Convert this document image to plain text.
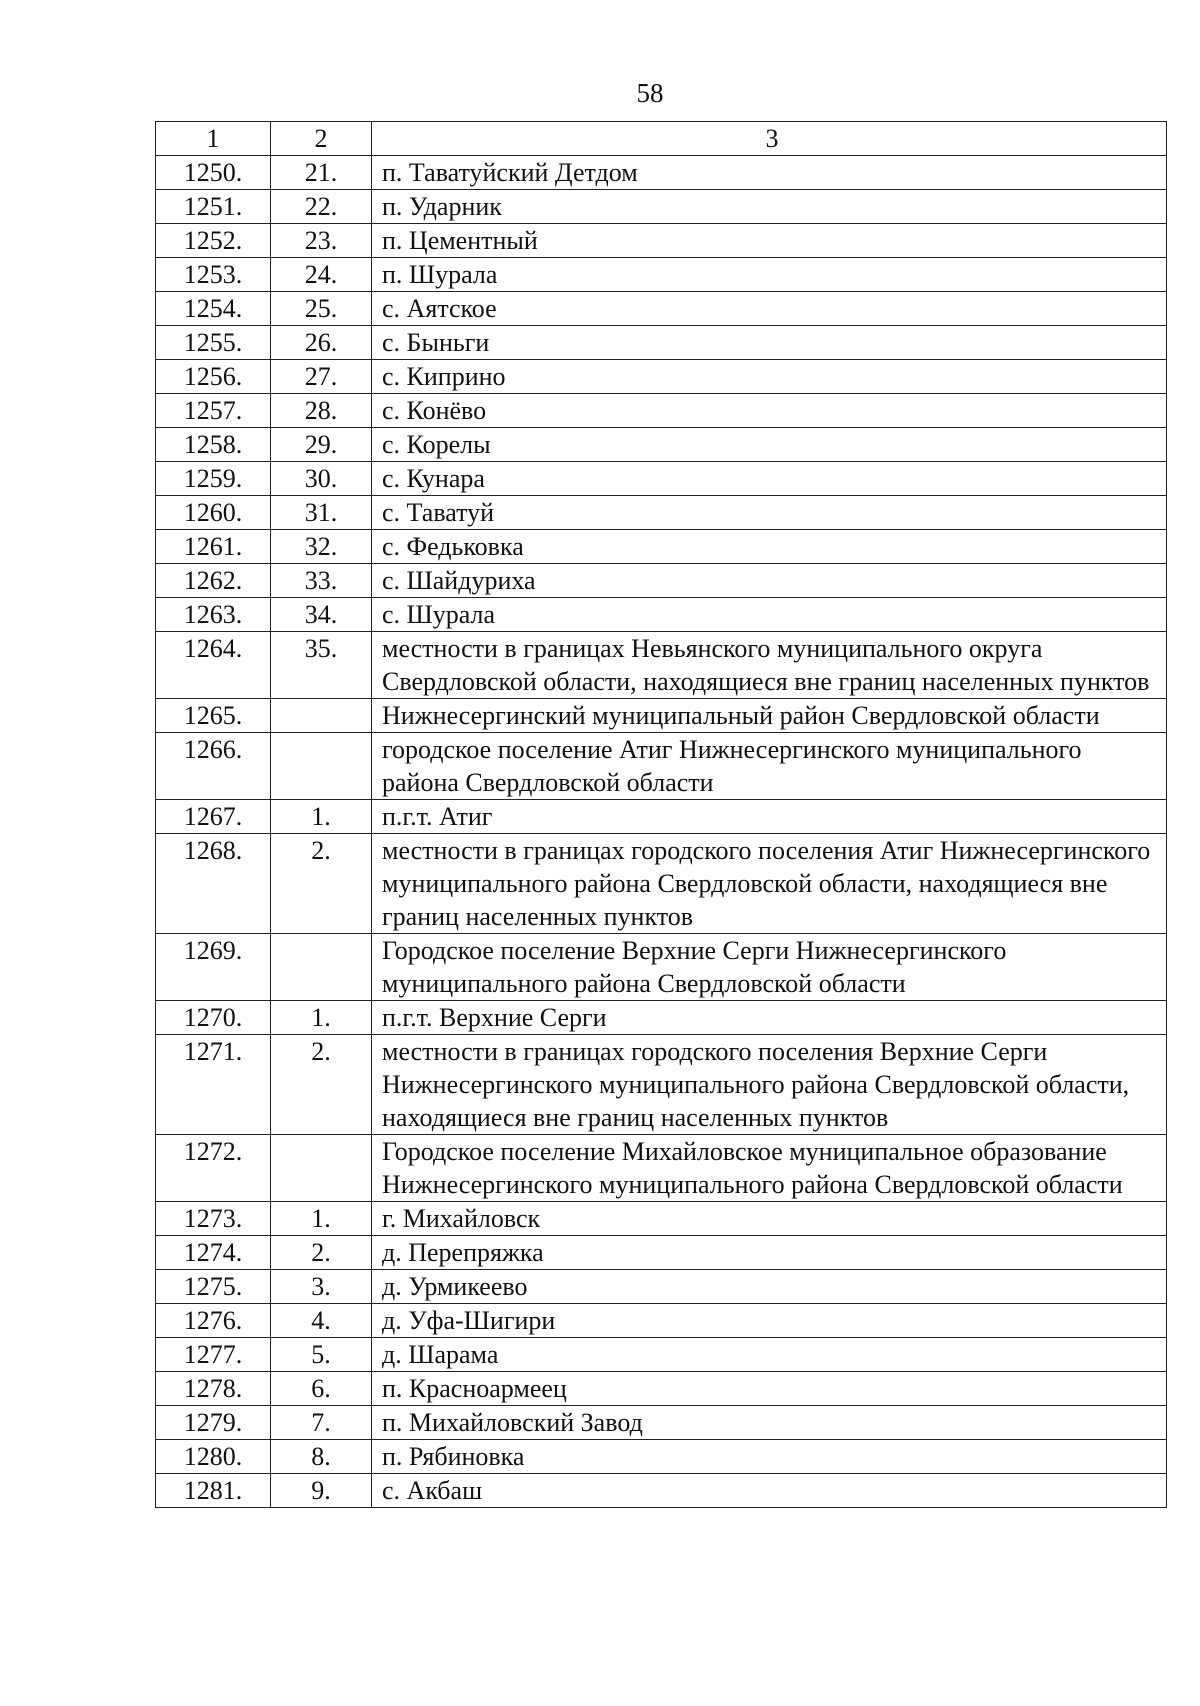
58
1	2	3
1250.	21.	п. Таватуйский Детдом
1251.	22.	п. Ударник
1252.	23.	п. Цементный
1253.	24.	п. Шурала
1254.	25.	с. Аятское
1255.	26.	с. Быньги
1256.	27.	с. Киприно
1257.	28.	с. Конёво
1258.	29.	с. Корелы
1259.	30.	с. Кунара
1260.	31.	с. Таватуй
1261.	32.	с. Федьковка
1262.	33.	с. Шайдуриха
1263.	34.	с. Шурала
1264.	35.	местности в границах Невьянского муниципального округа Свердловской области, находящиеся вне границ населенных пунктов
1265.		Нижнесергинский муниципальный район Свердловской области
1266.		городское поселение Атиг Нижнесергинского муниципального района Свердловской области
1267.	1.	п.г.т. Атиг
1268.	2.	местности в границах городского поселения Атиг Нижнесергинского муниципального района Свердловской области, находящиеся вне границ населенных пунктов
1269.		Городское поселение Верхние Серги Нижнесергинского муниципального района Свердловской области
1270.	1.	п.г.т. Верхние Серги
1271.	2.	местности в границах городского поселения Верхние Серги Нижнесергинского муниципального района Свердловской области, находящиеся вне границ населенных пунктов
1272.		Городское поселение Михайловское муниципальное образование Нижнесергинского муниципального района Свердловской области
1273.	1.	г. Михайловск
1274.	2.	д. Перепряжка
1275.	3.	д. Урмикеево
1276.	4.	д. Уфа-Шигири
1277.	5.	д. Шарама
1278.	6.	п. Красноармеец
1279.	7.	п. Михайловский Завод
1280.	8.	п. Рябиновка
1281.	9.	с. Акбаш
